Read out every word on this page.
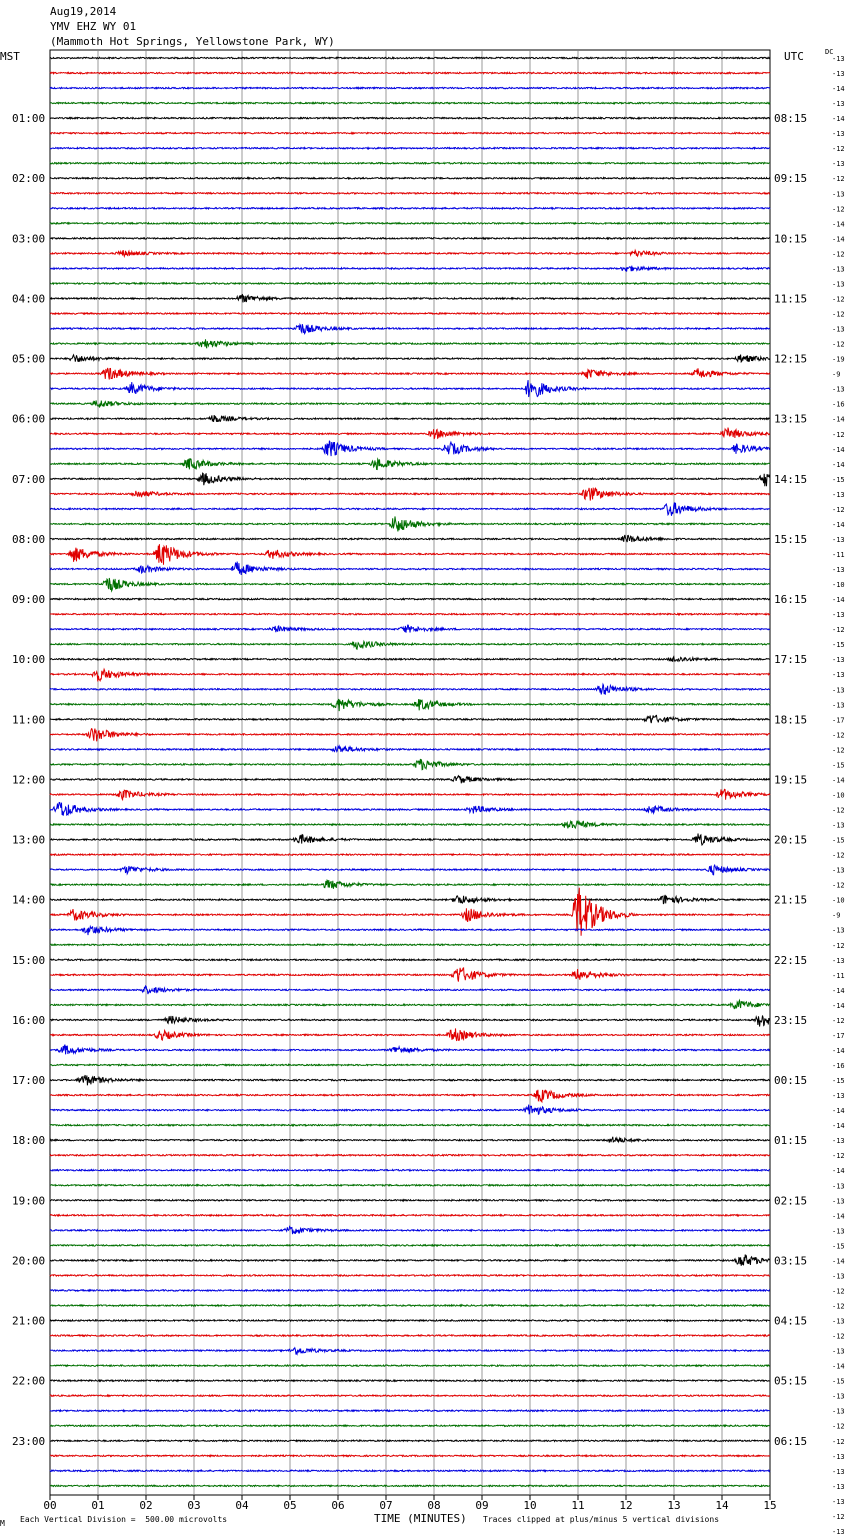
Aug19,2014
YMV EHZ WY 01
(Mammoth Hot Springs, Yellowstone Park, WY)
MST	UTC	DC
01:00
02:00
03:00
04:00
05:00
06:00
07:00
08:00
09:00
10:00
11:00
12:00
13:00
14:00
15:00
16:00
17:00
18:00
19:00
20:00
21:00
22:00
23:00
08:15
09:15
10:15
11:15
12:15
13:15
14:15
15:15
16:15
17:15
18:15
19:15
20:15
21:15
22:15
23:15
00:15
01:15
02:15
03:15
04:15
05:15
06:15
-13
-13
-14
-13
-14
-13
-12
-13
-12
-13
-12
-14
-14
-12
-13
-13
-12
-12
-13
-12
-19
-9
-13
-16
-14
-12
-14
-14
-15
-13
-12
-14
-13
-11
-13
-10
-14
-13
-12
-15
-13
-13
-13
-13
-17
-12
-12
-15
-14
-10
-12
-13
-15
-12
-13
-12
-10
-9
-13
-12
-13
-11
-14
-14
-12
-17
-14
-16
-15
-13
-14
-14
-13
-12
-14
-13
-13
-14
-13
-15
-14
-13
-12
-12
-13
-12
-13
-14
-15
-13
-13
-12
-12
-13
-13
-13
-13
-12
-13
00	01	02	03	04	05	06	07	08	09	10	11	12	13	14	15
M Each Vertical Division =  500.00 microvolts	TIME (MINUTES) Traces clipped at plus/minus 5 vertical divisions
